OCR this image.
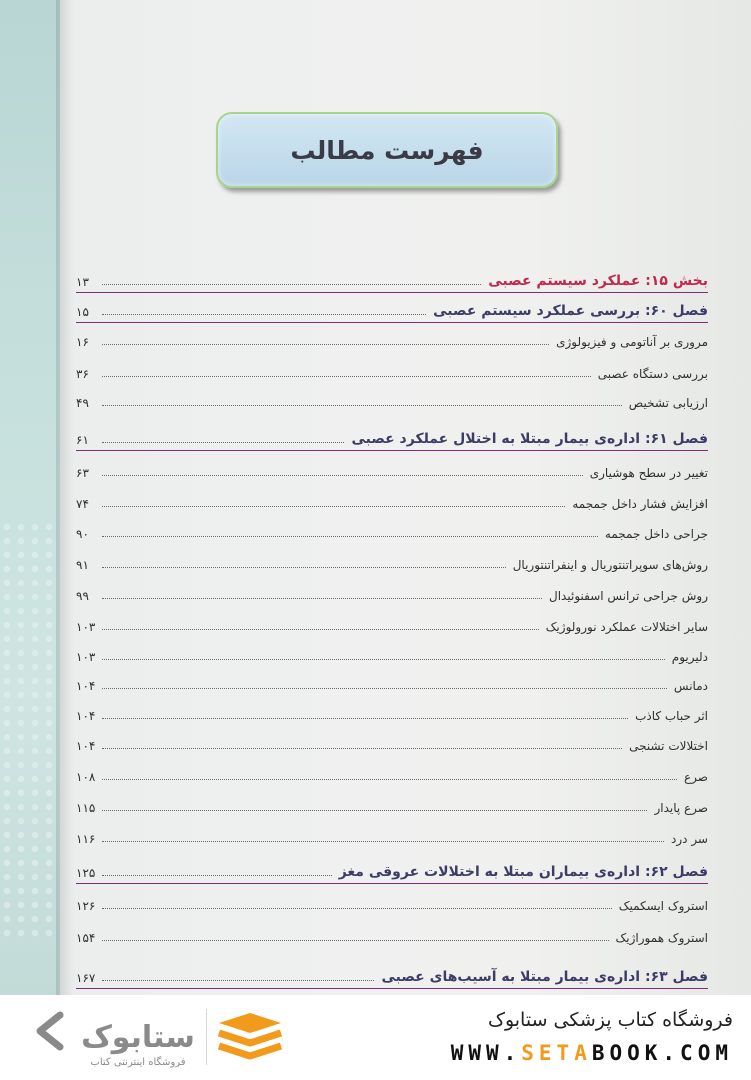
فهرست مطالب
بخش ۱۵: عملکرد سیستم عصبی
۱۳
فصل ۶۰: بررسی عملکرد سیستم عصبی
۱۵
مروری بر آناتومی و فیزیولوژی
۱۶
بررسی دستگاه عصبی
۳۶
ارزیابی تشخیص
۴۹
فصل ۶۱: اداره‌ی بیمار مبتلا به اختلال عملکرد عصبی
۶۱
تغییر در سطح هوشیاری
۶۳
افزایش فشار داخل جمجمه
۷۴
جراحی داخل جمجمه
۹۰
روش‌های سوپراتنتوریال و اینفراتنتوریال
۹۱
روش جراحی ترانس اسفنوئیدال
۹۹
سایر اختلالات عملکرد نورولوژیک
۱۰۳
دلیریوم
۱۰۳
دمانس
۱۰۴
اثر حباب کاذب
۱۰۴
اختلالات تشنجی
۱۰۴
صرع
۱۰۸
صرع پایدار
۱۱۵
سر درد
۱۱۶
فصل ۶۲: اداره‌ی بیماران مبتلا به اختلالات عروقی مغز
۱۲۵
استروک ایسکمیک
۱۲۶
استروک هموراژیک
۱۵۴
فصل ۶۳: اداره‌ی بیمار مبتلا به آسیب‌های عصبی
۱۶۷
ستابوک
فروشگاه اینترنتی کتاب
فروشگاه کتاب پزشکی ستابوک
WWW.SETABOOK.COM
